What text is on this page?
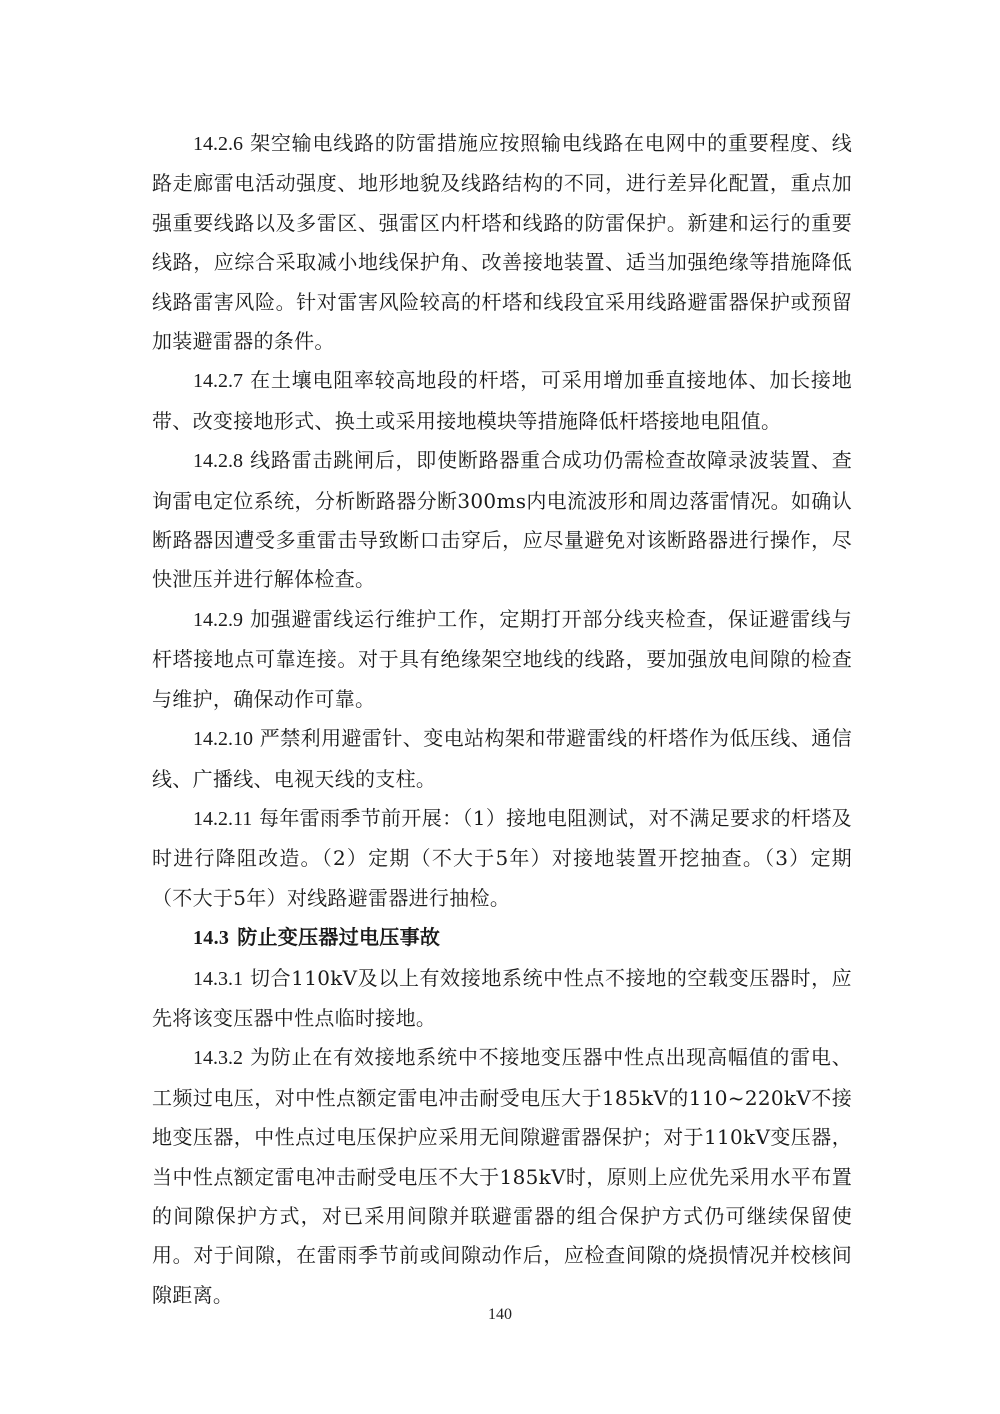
14.2.6 架空输电线路的防雷措施应按照输电线路在电网中的重要程度、线路走廊雷电活动强度、地形地貌及线路结构的不同，进行差异化配置，重点加强重要线路以及多雷区、强雷区内杆塔和线路的防雷保护。新建和运行的重要线路，应综合采取减小地线保护角、改善接地装置、适当加强绝缘等措施降低线路雷害风险。针对雷害风险较高的杆塔和线段宜采用线路避雷器保护或预留加装避雷器的条件。

14.2.7 在土壤电阻率较高地段的杆塔，可采用增加垂直接地体、加长接地带、改变接地形式、换土或采用接地模块等措施降低杆塔接地电阻值。

14.2.8 线路雷击跳闸后，即使断路器重合成功仍需检查故障录波装置、查询雷电定位系统，分析断路器分断300ms内电流波形和周边落雷情况。如确认断路器因遭受多重雷击导致断口击穿后，应尽量避免对该断路器进行操作，尽快泄压并进行解体检查。

14.2.9 加强避雷线运行维护工作，定期打开部分线夹检查，保证避雷线与杆塔接地点可靠连接。对于具有绝缘架空地线的线路，要加强放电间隙的检查与维护，确保动作可靠。

14.2.10 严禁利用避雷针、变电站构架和带避雷线的杆塔作为低压线、通信线、广播线、电视天线的支柱。

14.2.11 每年雷雨季节前开展：（1）接地电阻测试，对不满足要求的杆塔及时进行降阻改造。（2）定期（不大于5年）对接地装置开挖抽查。（3）定期（不大于5年）对线路避雷器进行抽检。

14.3 防止变压器过电压事故

14.3.1 切合110kV及以上有效接地系统中性点不接地的空载变压器时，应先将该变压器中性点临时接地。

14.3.2 为防止在有效接地系统中不接地变压器中性点出现高幅值的雷电、工频过电压，对中性点额定雷电冲击耐受电压大于185kV的110~220kV不接地变压器，中性点过电压保护应采用无间隙避雷器保护；对于110kV变压器，当中性点额定雷电冲击耐受电压不大于185kV时，原则上应优先采用水平布置的间隙保护方式，对已采用间隙并联避雷器的组合保护方式仍可继续保留使用。对于间隙，在雷雨季节前或间隙动作后，应检查间隙的烧损情况并校核间隙距离。

140
